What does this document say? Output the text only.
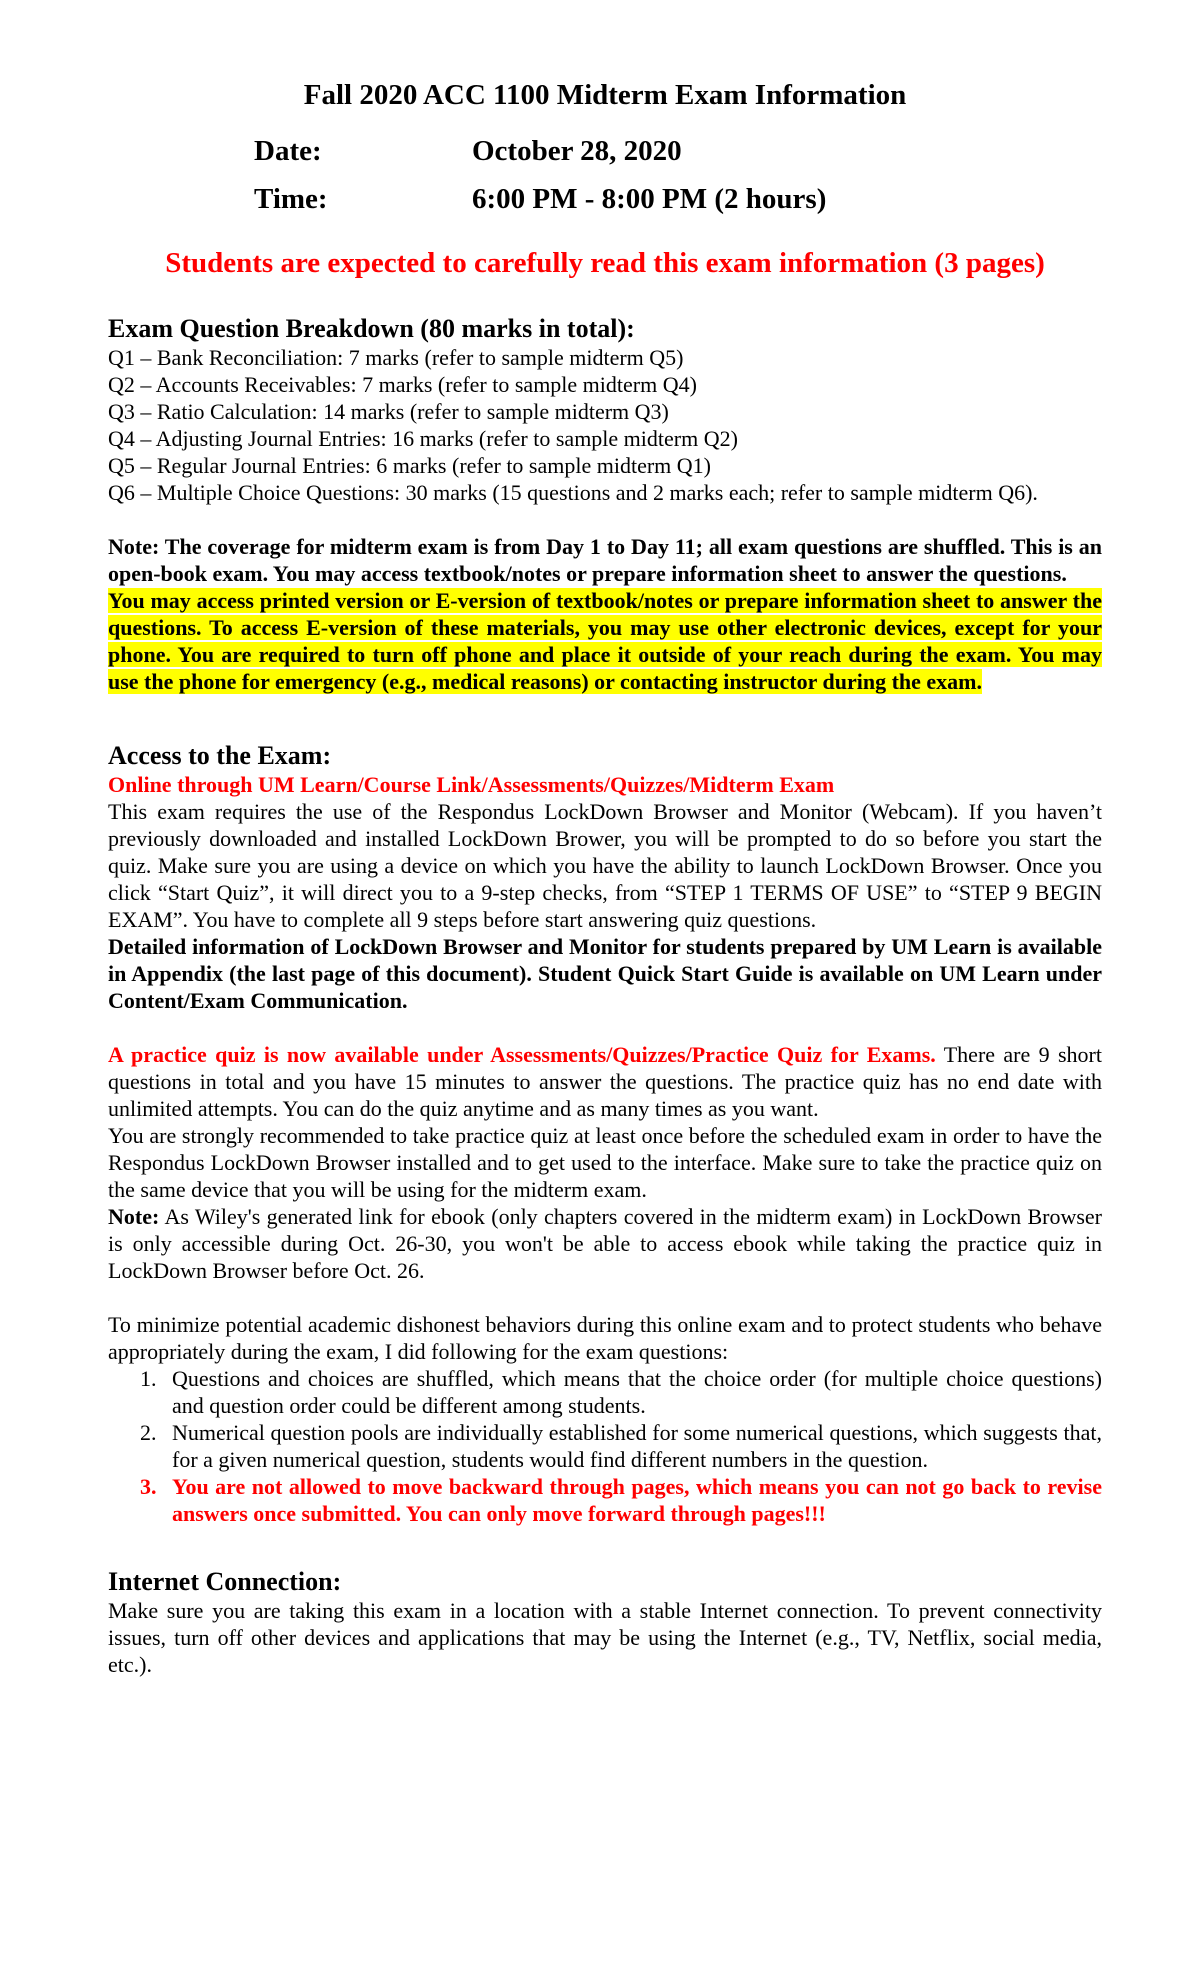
Fall 2020 ACC 1100 Midterm Exam Information
Date:	October 28, 2020
Time:	6:00 PM - 8:00 PM (2 hours)
Students are expected to carefully read this exam information (3 pages)
Exam Question Breakdown (80 marks in total):
Q1 – Bank Reconciliation: 7 marks (refer to sample midterm Q5)
Q2 – Accounts Receivables: 7 marks (refer to sample midterm Q4)
Q3 – Ratio Calculation: 14 marks (refer to sample midterm Q3)
Q4 – Adjusting Journal Entries: 16 marks (refer to sample midterm Q2)
Q5 – Regular Journal Entries: 6 marks (refer to sample midterm Q1)
Q6 – Multiple Choice Questions: 30 marks (15 questions and 2 marks each; refer to sample midterm Q6).
Note: The coverage for midterm exam is from Day 1 to Day 11; all exam questions are shuffled. This is an open-book exam. You may access textbook/notes or prepare information sheet to answer the questions.
You may access printed version or E-version of textbook/notes or prepare information sheet to answer the questions. To access E-version of these materials, you may use other electronic devices, except for your phone. You are required to turn off phone and place it outside of your reach during the exam. You may use the phone for emergency (e.g., medical reasons) or contacting instructor during the exam.
Access to the Exam:
Online through UM Learn/Course Link/Assessments/Quizzes/Midterm Exam
This exam requires the use of the Respondus LockDown Browser and Monitor (Webcam). If you haven’t previously downloaded and installed LockDown Brower, you will be prompted to do so before you start the quiz. Make sure you are using a device on which you have the ability to launch LockDown Browser. Once you click “Start Quiz”, it will direct you to a 9-step checks, from “STEP 1 TERMS OF USE” to “STEP 9 BEGIN EXAM”. You have to complete all 9 steps before start answering quiz questions.
Detailed information of LockDown Browser and Monitor for students prepared by UM Learn is available in Appendix (the last page of this document). Student Quick Start Guide is available on UM Learn under Content/Exam Communication.
A practice quiz is now available under Assessments/Quizzes/Practice Quiz for Exams. There are 9 short questions in total and you have 15 minutes to answer the questions. The practice quiz has no end date with unlimited attempts. You can do the quiz anytime and as many times as you want.
You are strongly recommended to take practice quiz at least once before the scheduled exam in order to have the Respondus LockDown Browser installed and to get used to the interface. Make sure to take the practice quiz on the same device that you will be using for the midterm exam.
Note: As Wiley's generated link for ebook (only chapters covered in the midterm exam) in LockDown Browser is only accessible during Oct. 26-30, you won't be able to access ebook while taking the practice quiz in LockDown Browser before Oct. 26.
To minimize potential academic dishonest behaviors during this online exam and to protect students who behave appropriately during the exam, I did following for the exam questions:
1. Questions and choices are shuffled, which means that the choice order (for multiple choice questions) and question order could be different among students.
2. Numerical question pools are individually established for some numerical questions, which suggests that, for a given numerical question, students would find different numbers in the question.
3. You are not allowed to move backward through pages, which means you can not go back to revise answers once submitted. You can only move forward through pages!!!
Internet Connection:
Make sure you are taking this exam in a location with a stable Internet connection. To prevent connectivity issues, turn off other devices and applications that may be using the Internet (e.g., TV, Netflix, social media, etc.).
